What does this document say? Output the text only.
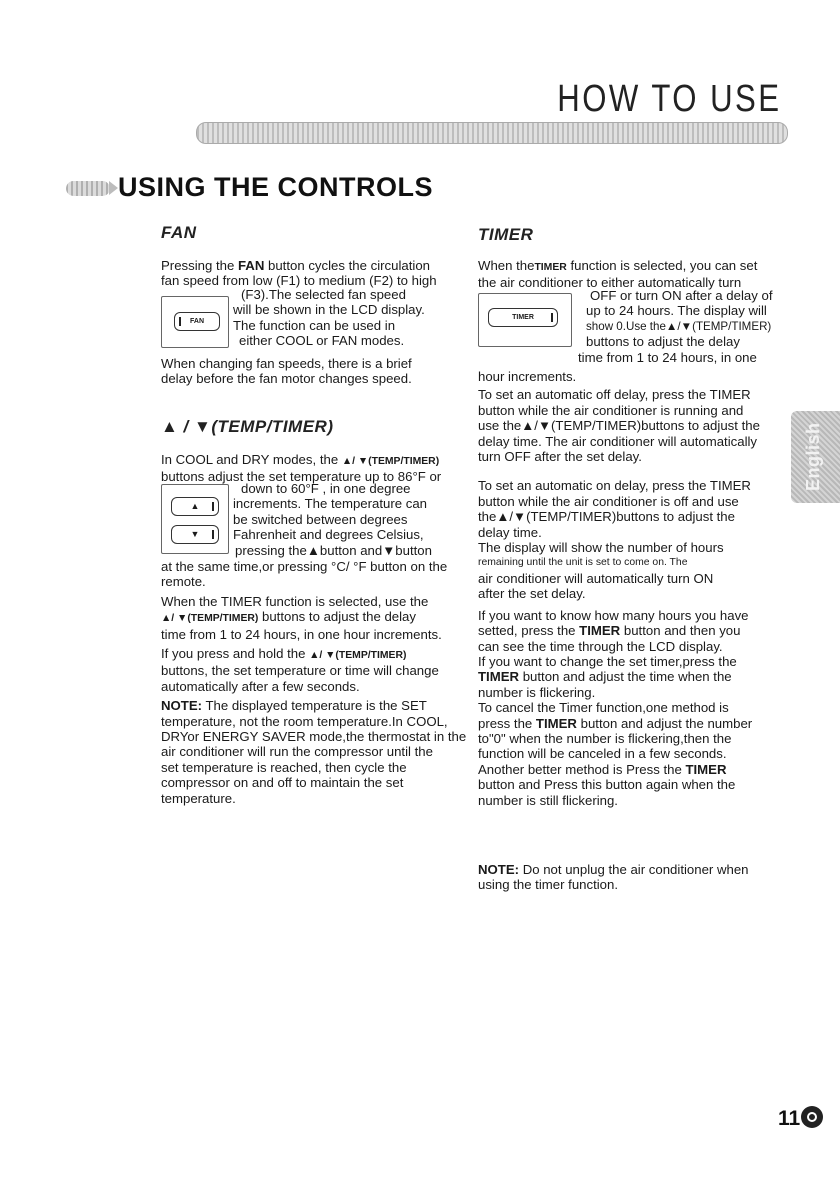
HOW TO USE
USING THE CONTROLS
FAN

Pressing the FAN button cycles the circulation

fan speed from low (F1) to medium (F2) to high

FAN

(F3).The selected fan speed

will be shown in the LCD display.

The function can be used in

either COOL or FAN modes.

When changing fan speeds, there is a brief

delay before the fan motor changes speed.

▲ / ▼(TEMP/TIMER)

In COOL and DRY modes, the ▲/ ▼(TEMP/TIMER)

buttons adjust the set temperature up to 86°F or

▲
▼

down to 60°F , in one degree

increments. The temperature can

be switched between degrees

Fahrenheit and degrees Celsius,

pressing the▲button and▼button

at the same time,or pressing °C/ °F button on the

remote.

When the TIMER function is selected, use the

▲/ ▼(TEMP/TIMER) buttons to adjust the delay

time from 1 to 24 hours, in one hour increments.

If you press and hold the ▲/ ▼(TEMP/TIMER)

buttons, the set temperature or time will change

automatically after a few seconds.

NOTE: The displayed temperature is the SET

temperature, not the room temperature.In COOL,

DRYor ENERGY SAVER mode,the thermostat in the

air conditioner will run the compressor until the

set temperature is reached, then cycle the

compressor on and off to maintain the set

temperature.

TIMER

When theTIMER function is selected, you can set

the air conditioner to either automatically turn

TIMER

OFF or turn ON after a delay of

up to 24 hours. The display will

show 0.Use the▲/▼(TEMP/TIMER)

buttons to adjust the delay

time from 1 to 24 hours, in one

hour increments.

To set an automatic off delay, press the TIMER

button while the air conditioner is running and

use the▲/▼(TEMP/TIMER)buttons to adjust the

delay time. The air conditioner will automatically

turn OFF after the set delay.

To set an automatic on delay, press the TIMER

button while the air conditioner is off and use

the▲/▼(TEMP/TIMER)buttons to adjust the

delay time.

The display will show the number of hours

remaining until the unit is set to come on. The

air conditioner will automatically turn ON

after the set delay.

If you want to know how many hours you have

setted, press the TIMER button and then you

can see the time through the LCD display.

If you want to change the set timer,press the

TIMER button and adjust the time when the

number is flickering.

To cancel the Timer function,one method is

press the TIMER button and adjust the number

to"0" when the number is flickering,then the

function will be canceled in a few seconds.

Another better method is Press the TIMER

button and Press this button again when the

number is still flickering.

NOTE: Do not unplug the air conditioner when

using the timer function.

English
11
